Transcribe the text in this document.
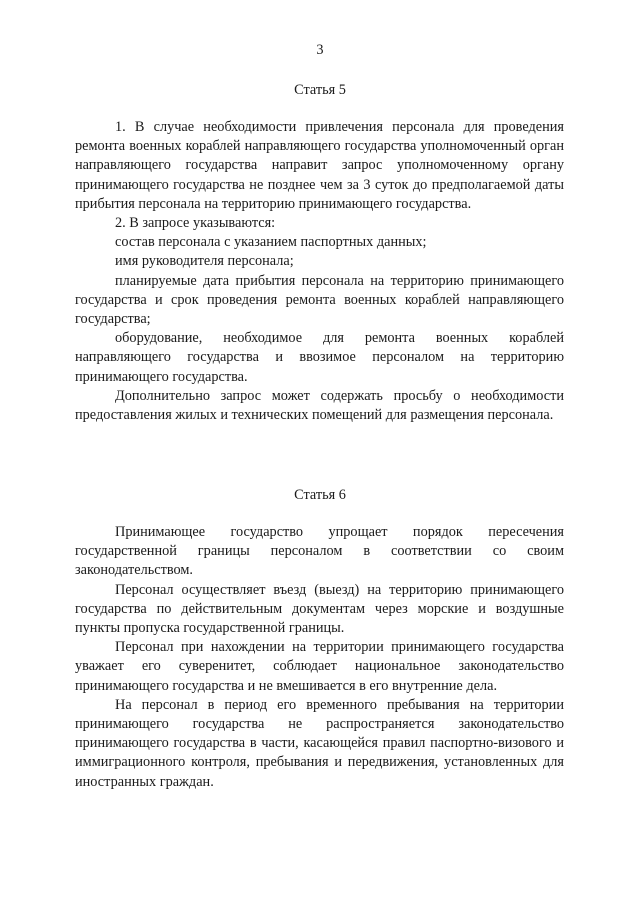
3
Статья 5

1. В случае необходимости привлечения персонала для проведения ремонта военных кораблей направляющего государства уполномоченный орган направляющего государства направит запрос уполномоченному органу принимающего государства не позднее чем за 3 суток до предполагаемой даты прибытия персонала на территорию принимающего государства.

2. В запросе указываются:

состав персонала с указанием паспортных данных;

имя руководителя персонала;

планируемые дата прибытия персонала на территорию принимающего государства и срок проведения ремонта военных кораблей направляющего государства;

оборудование, необходимое для ремонта военных кораблей направляющего государства и ввозимое персоналом на территорию принимающего государства.

Дополнительно запрос может содержать просьбу о необходимости предоставления жилых и технических помещений для размещения персонала.

Статья 6

Принимающее государство упрощает порядок пересечения государственной границы персоналом в соответствии со своим законодательством.

Персонал осуществляет въезд (выезд) на территорию принимающего государства по действительным документам через морские и воздушные пункты пропуска государственной границы.

Персонал при нахождении на территории принимающего государства уважает его суверенитет, соблюдает национальное законодательство принимающего государства и не вмешивается в его внутренние дела.

На персонал в период его временного пребывания на территории принимающего государства не распространяется законодательство принимающего государства в части, касающейся правил паспортно-визового и иммиграционного контроля, пребывания и передвижения, установленных для иностранных граждан.
